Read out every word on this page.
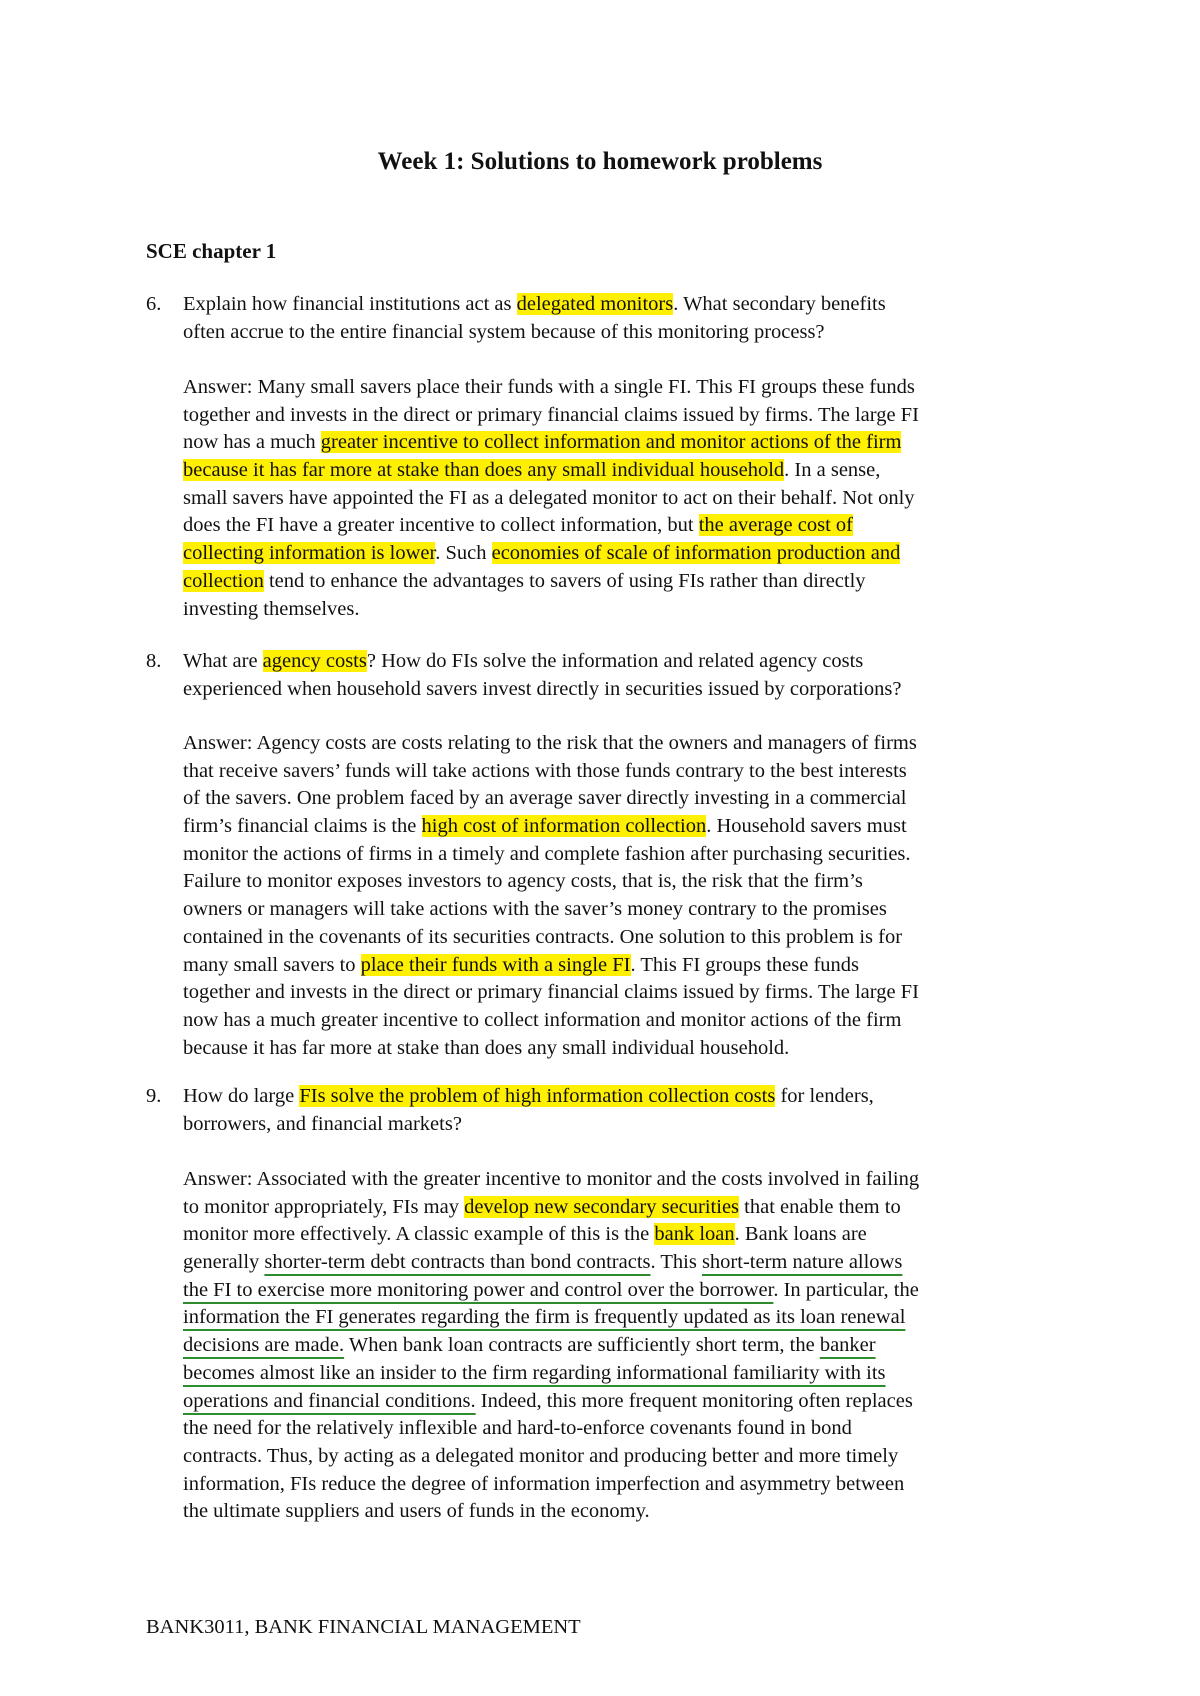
Week 1: Solutions to homework problems
SCE chapter 1
6. Explain how financial institutions act as delegated monitors. What secondary benefits
often accrue to the entire financial system because of this monitoring process?
Answer: Many small savers place their funds with a single FI. This FI groups these funds
together and invests in the direct or primary financial claims issued by firms. The large FI
now has a much greater incentive to collect information and monitor actions of the firm
because it has far more at stake than does any small individual household. In a sense,
small savers have appointed the FI as a delegated monitor to act on their behalf. Not only
does the FI have a greater incentive to collect information, but the average cost of
collecting information is lower. Such economies of scale of information production and
collection tend to enhance the advantages to savers of using FIs rather than directly
investing themselves.
8. What are agency costs? How do FIs solve the information and related agency costs
experienced when household savers invest directly in securities issued by corporations?
Answer: Agency costs are costs relating to the risk that the owners and managers of firms
that receive savers’ funds will take actions with those funds contrary to the best interests
of the savers. One problem faced by an average saver directly investing in a commercial
firm’s financial claims is the high cost of information collection. Household savers must
monitor the actions of firms in a timely and complete fashion after purchasing securities.
Failure to monitor exposes investors to agency costs, that is, the risk that the firm’s
owners or managers will take actions with the saver’s money contrary to the promises
contained in the covenants of its securities contracts. One solution to this problem is for
many small savers to place their funds with a single FI. This FI groups these funds
together and invests in the direct or primary financial claims issued by firms. The large FI
now has a much greater incentive to collect information and monitor actions of the firm
because it has far more at stake than does any small individual household.
9. How do large FIs solve the problem of high information collection costs for lenders,
borrowers, and financial markets?
Answer: Associated with the greater incentive to monitor and the costs involved in failing
to monitor appropriately, FIs may develop new secondary securities that enable them to
monitor more effectively. A classic example of this is the bank loan. Bank loans are
generally shorter-term debt contracts than bond contracts. This short-term nature allows
the FI to exercise more monitoring power and control over the borrower. In particular, the
information the FI generates regarding the firm is frequently updated as its loan renewal
decisions are made. When bank loan contracts are sufficiently short term, the banker
becomes almost like an insider to the firm regarding informational familiarity with its
operations and financial conditions. Indeed, this more frequent monitoring often replaces
the need for the relatively inflexible and hard-to-enforce covenants found in bond
contracts. Thus, by acting as a delegated monitor and producing better and more timely
information, FIs reduce the degree of information imperfection and asymmetry between
the ultimate suppliers and users of funds in the economy.
BANK3011, BANK FINANCIAL MANAGEMENT
